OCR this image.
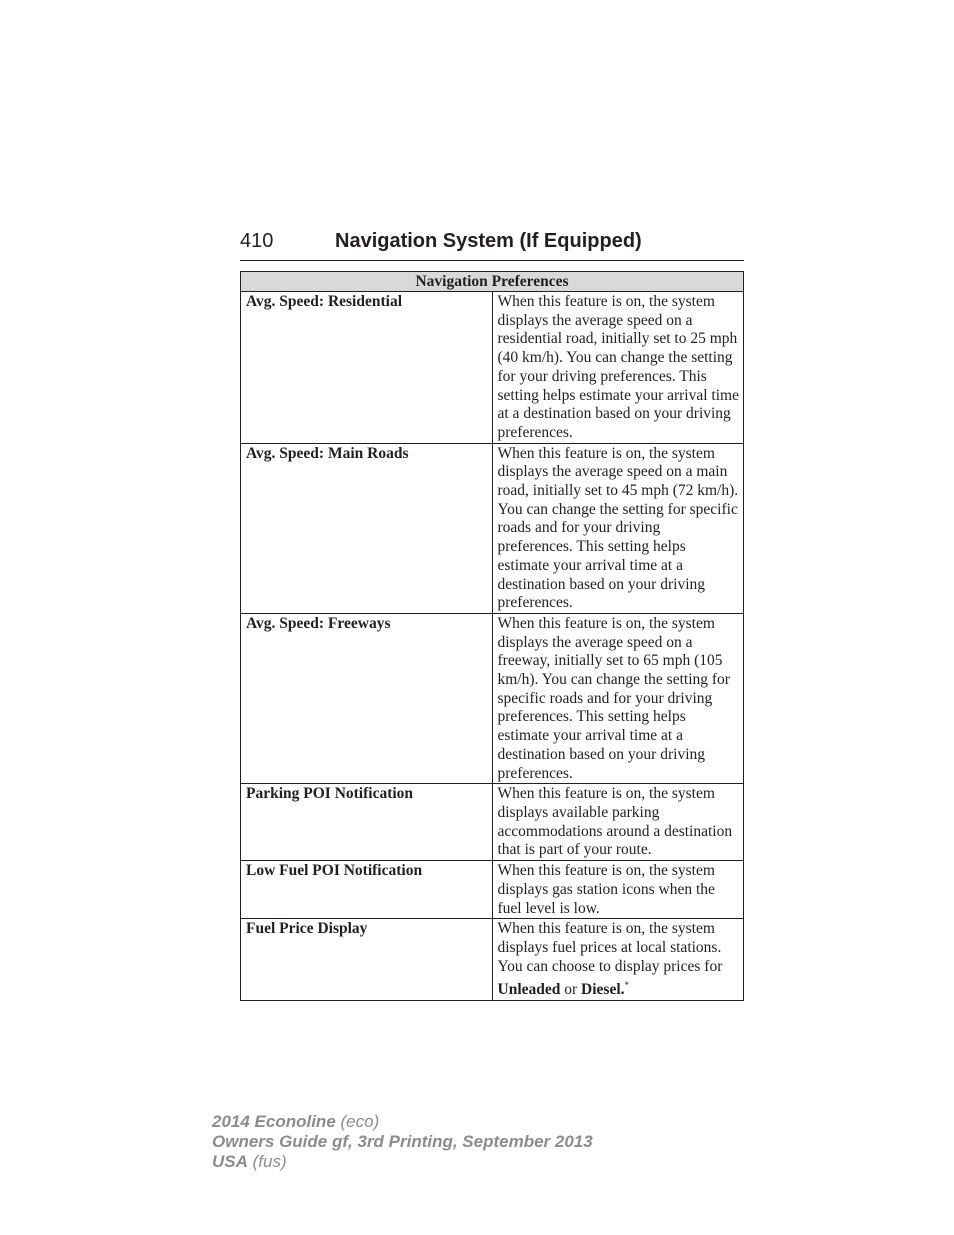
410	Navigation System (If Equipped)
Navigation Preferences	
Avg. Speed: Residential	When this feature is on, the system displays the average speed on a residential road, initially set to 25 mph (40 km/h). You can change the setting for your driving preferences. This setting helps estimate your arrival time at a destination based on your driving preferences.
Avg. Speed: Main Roads	When this feature is on, the system displays the average speed on a main road, initially set to 45 mph (72 km/h). You can change the setting for specific roads and for your driving preferences. This setting helps estimate your arrival time at a destination based on your driving preferences.
Avg. Speed: Freeways	When this feature is on, the system displays the average speed on a freeway, initially set to 65 mph (105 km/h). You can change the setting for specific roads and for your driving preferences. This setting helps estimate your arrival time at a destination based on your driving preferences.
Parking POI Notification	When this feature is on, the system displays available parking accommodations around a destination that is part of your route.
Low Fuel POI Notification	When this feature is on, the system displays gas station icons when the fuel level is low.
Fuel Price Display	When this feature is on, the system displays fuel prices at local stations. You can choose to display prices for Unleaded or Diesel.*
2014 Econoline (eco)
Owners Guide gf, 3rd Printing, September 2013
USA (fus)
